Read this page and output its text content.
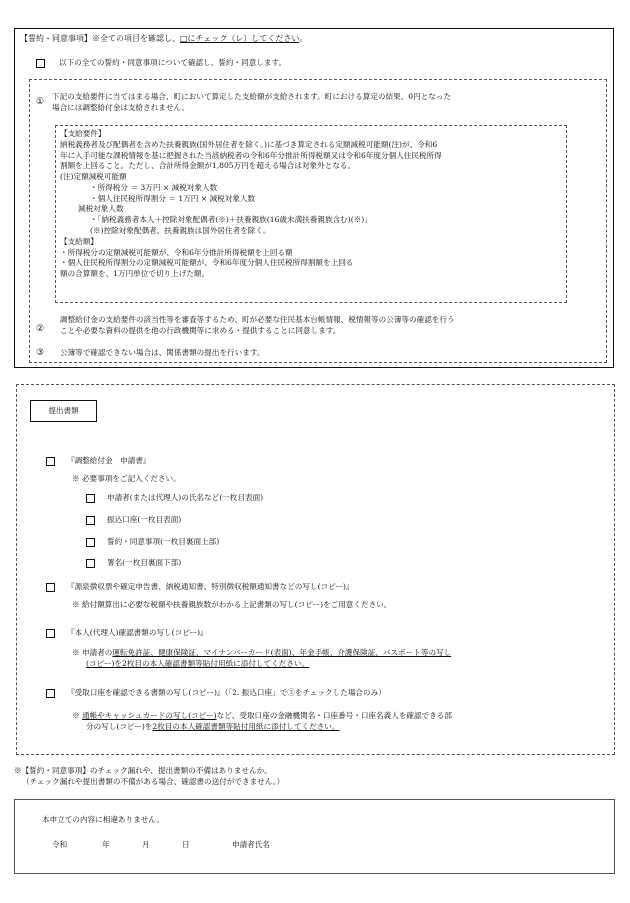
【誓約・同意事項】※全ての項目を確認し、□にチェック（レ）してください。
以下の全ての誓約・同意事項について確認し、誓約・同意します。
①
下記の支給要件に当てはまる場合、町において算定した支給額が支給されます。町における算定の結果、0円となった
場合には調整給付金は支給されません。
【支給要件】
納税義務者及び配偶者を含めた扶養親族(国外居住者を除く。)に基づき算定される定額減税可能額(注)が、令和6
年に入手可能な課税情報を基に把握された当該納税者の令和6年分推計所得税額又は令和6年度分個人住民税所得
割額を上回ること。ただし、合計所得金額が1,805万円を超える場合は対象外となる。
(注)定額減税可能額
・所得税分 ＝ 3万円 × 減税対象人数
・個人住民税所得割分 ＝ 1万円 × 減税対象人数
減税対象人数
・「納税義務者本人＋控除対象配偶者(※)＋扶養親族(16歳未満扶養親族含む)(※)」
(※)控除対象配偶者、扶養親族は国外居住者を除く。
【支給額】
・所得税分の定額減税可能額が、令和6年分推計所得税額を上回る額
・個人住民税所得割分の定額減税可能額が、令和6年度分個人住民税所得割額を上回る
額の合算額を、1万円単位で切り上げた額。
②
調整給付金の支給要件の該当性等を審査等するため、町が必要な住民基本台帳情報、税情報等の公簿等の確認を行う
ことや必要な資料の提供を他の行政機関等に求める・提供することに同意します。
③ 公簿等で確認できない場合は、関係書類の提出を行います。
提出書類
『調整給付金　申請書』
※ 必要事項をご記入ください。
申請者(または代理人)の氏名など(一枚目表面)
振込口座(一枚目表面)
誓約・同意事項(一枚目裏面上部)
署名(一枚目裏面下部)
『源泉徴収票や確定申告書、納税通知書、特別徴収税額通知書などの写し(コピー)』
※ 給付額算出に必要な税額や扶養親族数がわかる上記書類の写し(コピー)をご用意ください。
『本人(代理人)確認書類の写し(コピー)』
※ 申請者の運転免許証、健康保険証、マイナンバーカード(表面)、年金手帳、介護保険証、パスポート等の写し
(コピー)を2枚目の本人確認書類等貼付用紙に添付してください。
『受取口座を確認できる書類の写し(コピー)』（「2. 振込口座」で③をチェックした場合のみ）
※ 通帳やキャッシュカードの写し(コピー)など、受取口座の金融機関名・口座番号・口座名義人を確認できる部
分の写し(コピー)を2枚目の本人確認書類等貼付用紙に添付してください。
※【誓約・同意事項】のチェック漏れや、提出書類の不備はありませんか。
（チェック漏れや提出書類の不備がある場合、確認書の送付ができません。）
本申立ての内容に相違ありません。
令和	年	月	日	申請者氏名
